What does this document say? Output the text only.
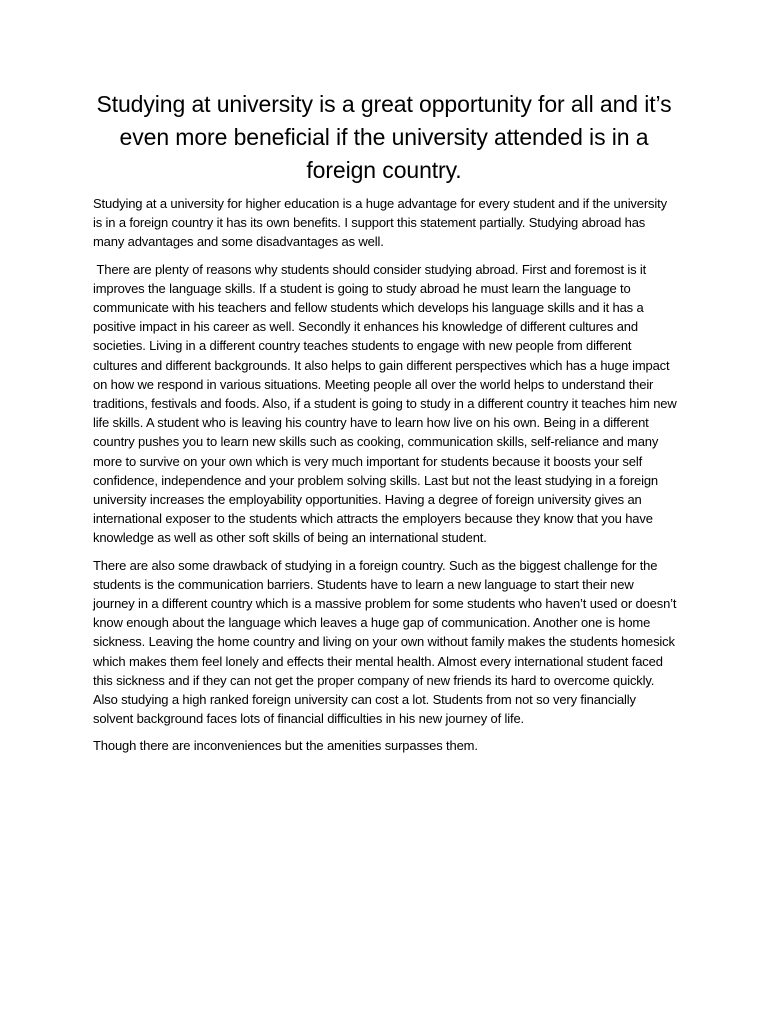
Studying at university is a great opportunity for all and it’s even more beneficial if the university attended is in a foreign country.

Studying at a university for higher education is a huge advantage for every student and if the university is in a foreign country it has its own benefits. I support this statement partially. Studying abroad has many advantages and some disadvantages as well.

There are plenty of reasons why students should consider studying abroad. First and foremost is it improves the language skills. If a student is going to study abroad he must learn the language to communicate with his teachers and fellow students which develops his language skills and it has a positive impact in his career as well. Secondly it enhances his knowledge of different cultures and societies. Living in a different country teaches students to engage with new people from different cultures and different backgrounds. It also helps to gain different perspectives which has a huge impact on how we respond in various situations. Meeting people all over the world helps to understand their traditions, festivals and foods. Also, if a student is going to study in a different country it teaches him new life skills. A student who is leaving his country have to learn how live on his own. Being in a different country pushes you to learn new skills such as cooking, communication skills, self-reliance and many more to survive on your own which is very much important for students because it boosts your self confidence, independence and your problem solving skills. Last but not the least studying in a foreign university increases the employability opportunities. Having a degree of foreign university gives an international exposer to the students which attracts the employers because they know that you have knowledge as well as other soft skills of being an international student.

There are also some drawback of studying in a foreign country. Such as the biggest challenge for the students is the communication barriers. Students have to learn a new language to start their new journey in a different country which is a massive problem for some students who haven’t used or doesn’t know enough about the language which leaves a huge gap of communication. Another one is home sickness. Leaving the home country and living on your own without family makes the students homesick which makes them feel lonely and effects their mental health. Almost every international student faced this sickness and if they can not get the proper company of new friends its hard to overcome quickly. Also studying a high ranked foreign university can cost a lot. Students from not so very financially solvent background faces lots of financial difficulties in his new journey of life.

Though there are inconveniences but the amenities surpasses them.
